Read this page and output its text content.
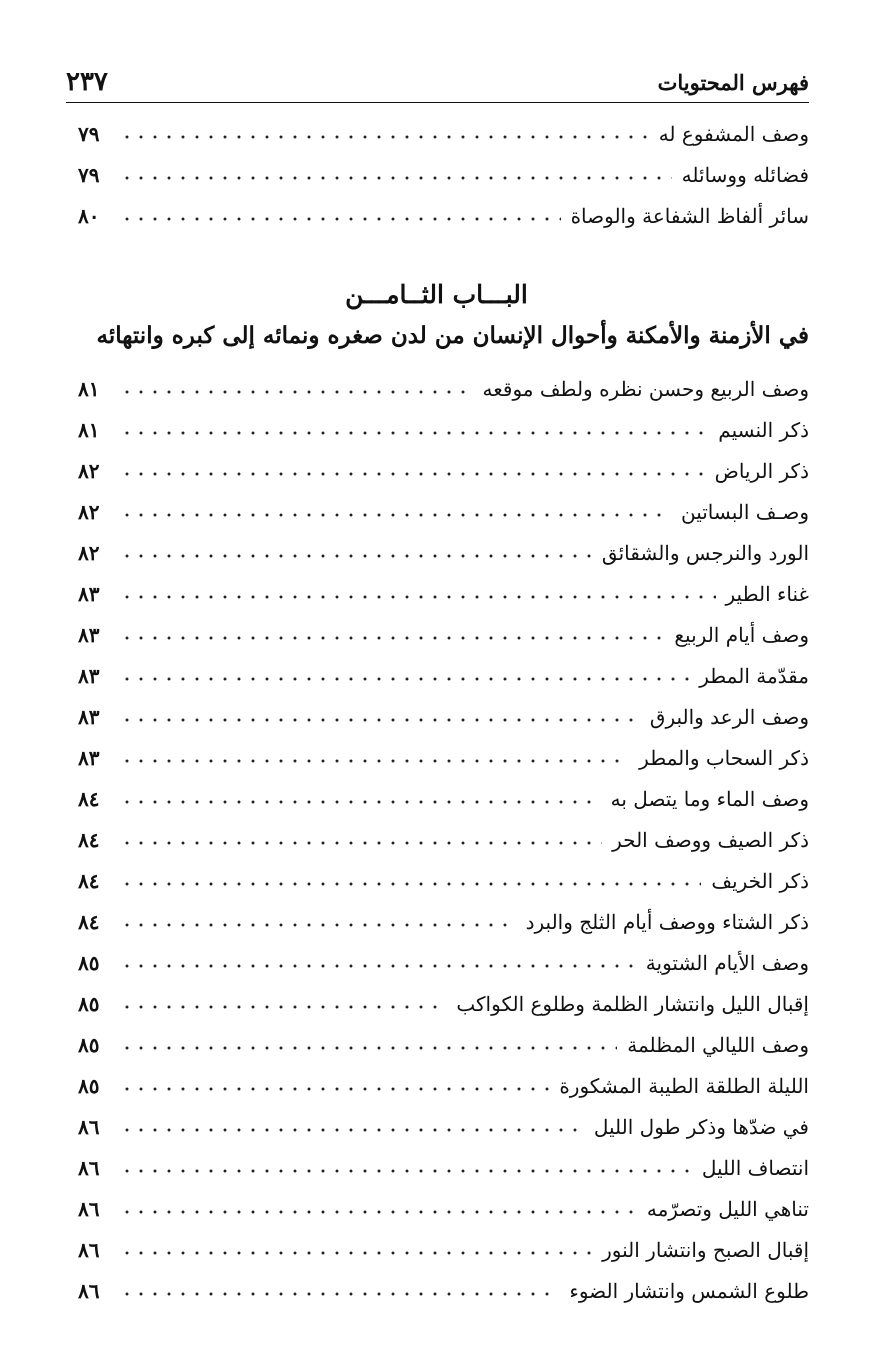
فهرس المحتويات
٢٣٧
وصف المشفوع له
٧٩
فضائله ووسائله
٧٩
سائر ألفاظ الشفاعة والوصاة
٨٠
البـــاب الثــامـــن
في الأزمنة والأمكنة وأحوال الإنسان من لدن صغره ونمائه إلى كبره وانتهائه
وصف الربيع وحسن نظره ولطف موقعه
٨١
ذكر النسيم
٨١
ذكر الرياض
٨٢
وصـف البساتين
٨٢
الورد والنرجس والشقائق
٨٢
غناء الطير
٨٣
وصف أيام الربيع
٨٣
مقدّمة المطر
٨٣
وصف الرعد والبرق
٨٣
ذكر السحاب والمطر
٨٣
وصف الماء وما يتصل به
٨٤
ذكر الصيف ووصف الحر
٨٤
ذكر الخريف
٨٤
ذكر الشتاء ووصف أيام الثلج والبرد
٨٤
وصف الأيام الشتوية
٨٥
إقبال الليل وانتشار الظلمة وطلوع الكواكب
٨٥
وصف الليالي المظلمة
٨٥
الليلة الطلقة الطيبة المشكورة
٨٥
في ضدّها وذكر طول الليل
٨٦
انتصاف الليل
٨٦
تناهي الليل وتصرّمه
٨٦
إقبال الصبح وانتشار النور
٨٦
طلوع الشمس وانتشار الضوء
٨٦
